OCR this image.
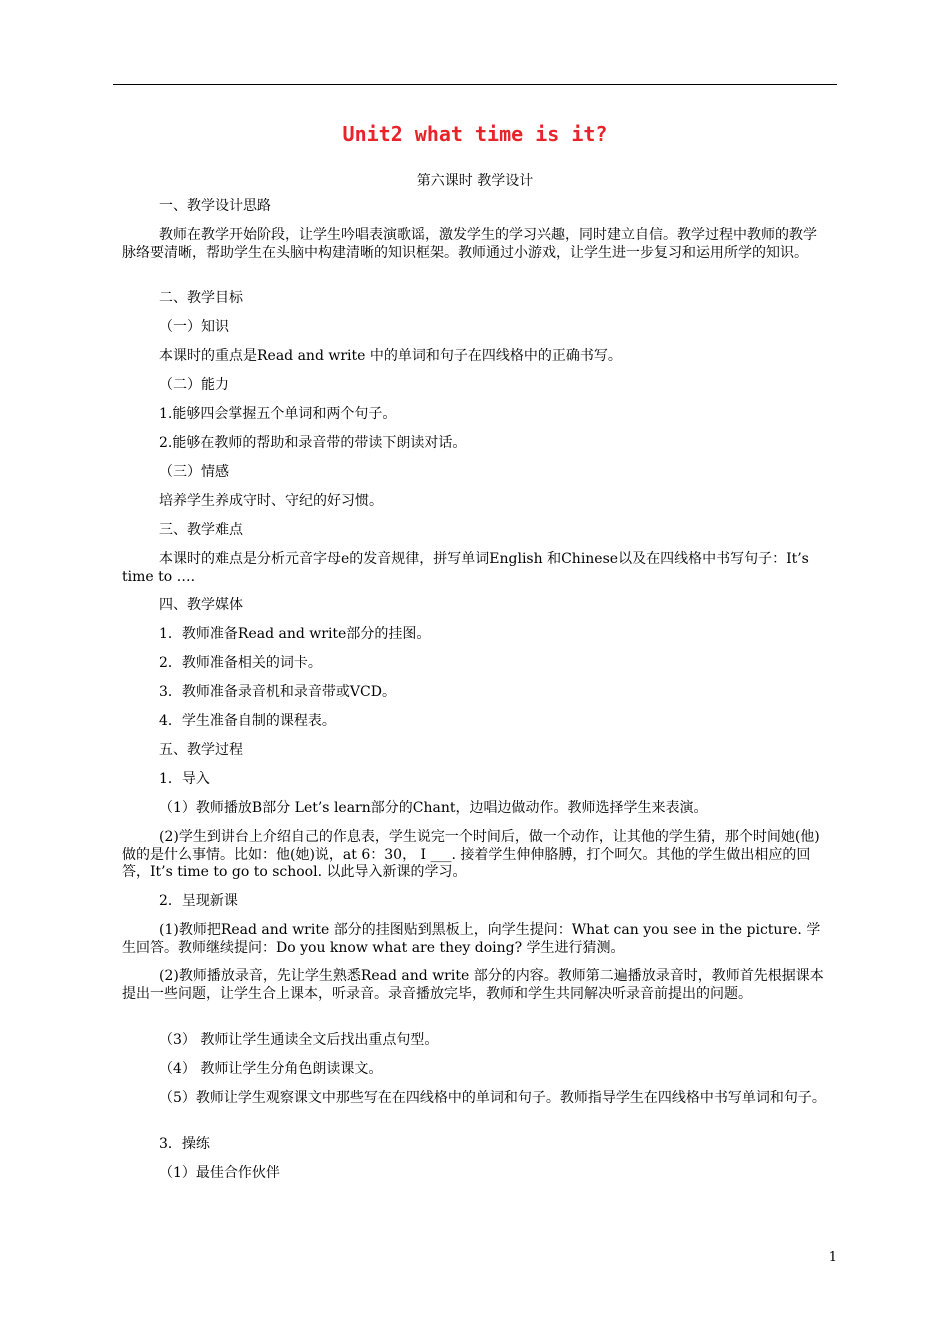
Unit2 what time is it?
第六课时 教学设计

一、教学设计思路

教师在教学开始阶段，让学生吟唱表演歌谣，激发学生的学习兴趣，同时建立自信。教学过程中教师的教学脉络要清晰，帮助学生在头脑中构建清晰的知识框架。教师通过小游戏，让学生进一步复习和运用所学的知识。

二、教学目标

（一）知识

本课时的重点是Read and write 中的单词和句子在四线格中的正确书写。

（二）能力

1.能够四会掌握五个单词和两个句子。

2.能够在教师的帮助和录音带的带读下朗读对话。

（三）情感

培养学生养成守时、守纪的好习惯。

三、教学难点

本课时的难点是分析元音字母e的发音规律，拼写单词English 和Chinese以及在四线格中书写句子：It’s time to ….

四、教学媒体

1．教师准备Read and write部分的挂图。

2．教师准备相关的词卡。

3．教师准备录音机和录音带或VCD。

4．学生准备自制的课程表。

五、教学过程

1．导入

（1）教师播放B部分 Let’s learn部分的Chant，边唱边做动作。教师选择学生来表演。

(2)学生到讲台上介绍自己的作息表，学生说完一个时间后，做一个动作，让其他的学生猜，那个时间她(他)做的是什么事情。比如：他(她)说，at 6：30， I ___. 接着学生伸伸胳膊，打个呵欠。其他的学生做出相应的回答，It’s time to go to school. 以此导入新课的学习。

2．呈现新课

(1)教师把Read and write 部分的挂图贴到黑板上，向学生提问：What can you see in the picture. 学生回答。教师继续提问：Do you know what are they doing? 学生进行猜测。

(2)教师播放录音，先让学生熟悉Read and write 部分的内容。教师第二遍播放录音时，教师首先根据课本提出一些问题，让学生合上课本，听录音。录音播放完毕，教师和学生共同解决听录音前提出的问题。

（3） 教师让学生通读全文后找出重点句型。

（4） 教师让学生分角色朗读课文。

（5）教师让学生观察课文中那些写在在四线格中的单词和句子。教师指导学生在四线格中书写单词和句子。

3．操练

（1）最佳合作伙伴

1
